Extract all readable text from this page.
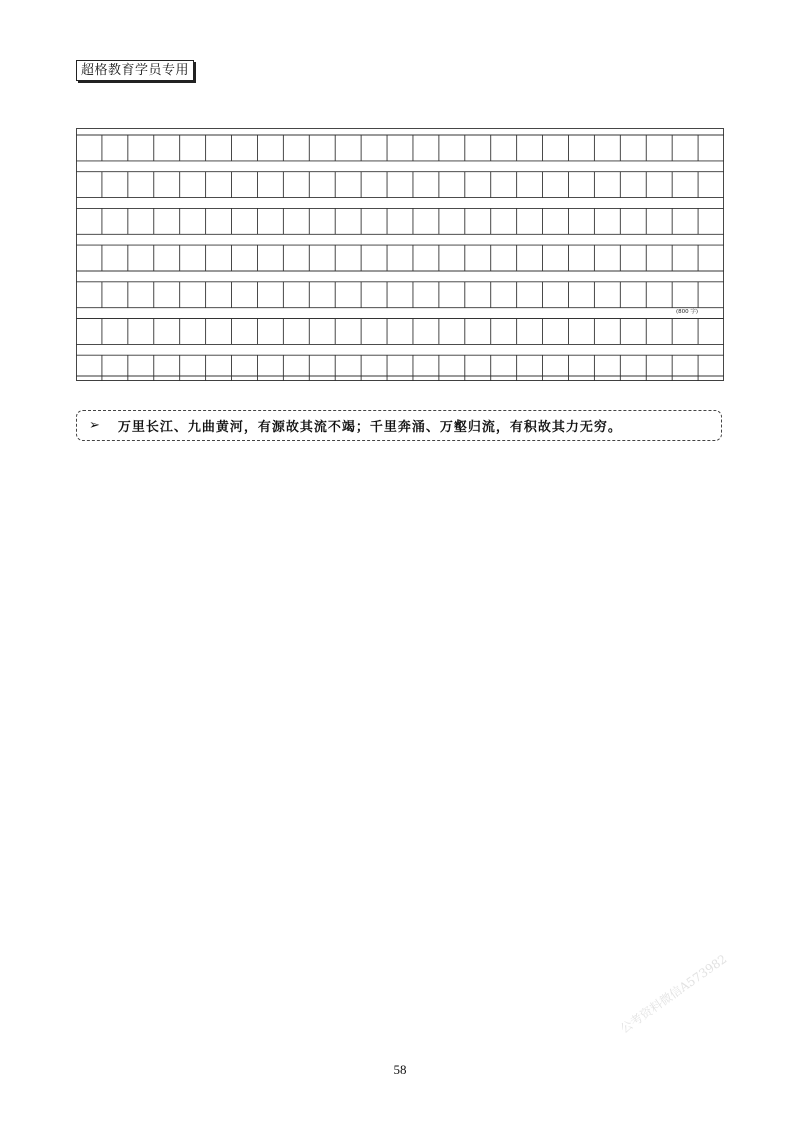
超格教育学员专用
(800 字)
➢ 万里长江、九曲黄河，有源故其流不竭；千里奔涌、万壑归流，有积故其力无穷。
公考资料微信A573982
58
